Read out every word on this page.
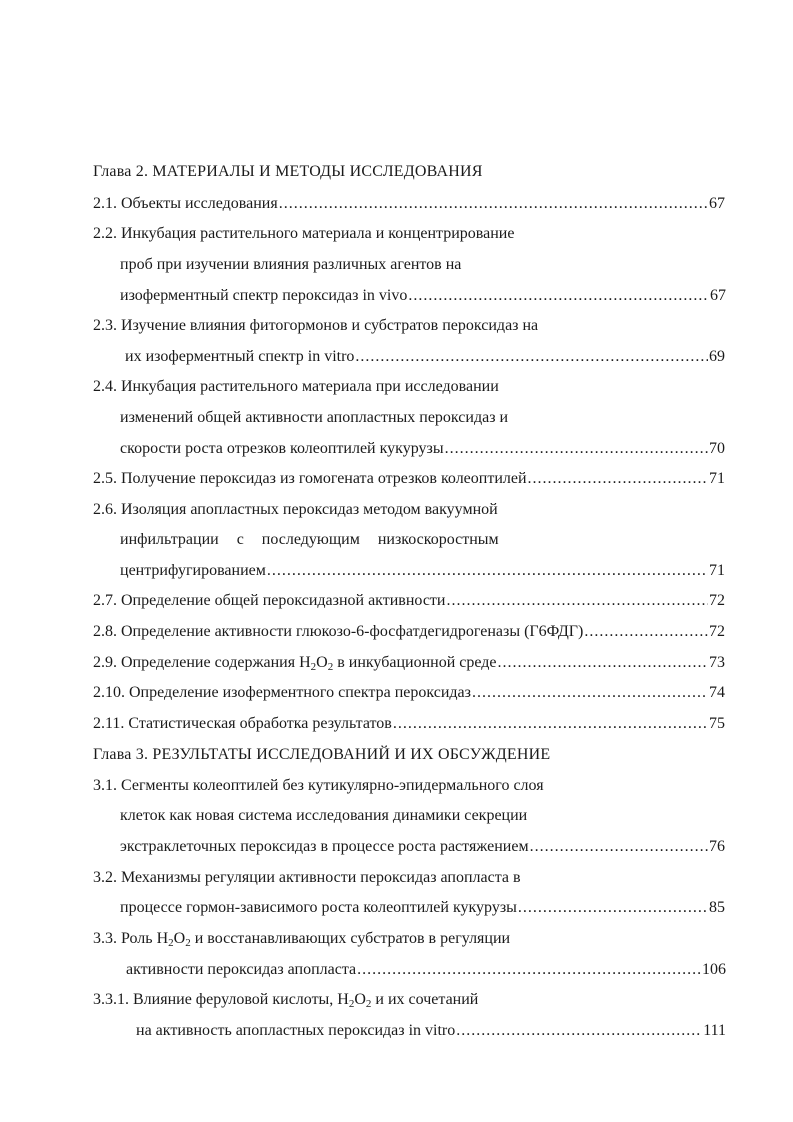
Глава 2. МАТЕРИАЛЫ И МЕТОДЫ ИССЛЕДОВАНИЯ
2.1. Объекты исследования .....	67
2.2. Инкубация растительного материала и концентрирование
проб при изучении влияния различных агентов на
изоферментный спектр пероксидаз in vivo .....	67
2.3. Изучение влияния фитогормонов и субстратов пероксидаз на
их изоферментный спектр in vitro .....	69
2.4. Инкубация растительного материала при исследовании
изменений общей активности апопластных пероксидаз и
скорости роста отрезков колеоптилей кукурузы .....	70
2.5. Получение пероксидаз из гомогената отрезков колеоптилей .....	71
2.6. Изоляция апопластных пероксидаз методом вакуумной
инфильтрации с последующим низкоскоростным
центрифугированием .....	71
2.7. Определение общей пероксидазной активности .....	72
2.8. Определение активности глюкозо-6-фосфатдегидрогеназы (Г6ФДГ) .....	72
2.9. Определение содержания $H_2O_2$ в инкубационной среде .....	73
2.10. Определение изоферментного спектра пероксидаз .....	74
2.11. Статистическая обработка результатов .....	75
Глава 3. РЕЗУЛЬТАТЫ ИССЛЕДОВАНИЙ И ИХ ОБСУЖДЕНИЕ
3.1. Сегменты колеоптилей без кутикулярно-эпидермального слоя
клеток как новая система исследования динамики секреции
экстраклеточных пероксидаз в процессе роста растяжением .....	76
3.2. Механизмы регуляции активности пероксидаз апопласта в
процессе гормон-зависимого роста колеоптилей кукурузы .....	85
3.3. Роль $H_2O_2$ и восстанавливающих субстратов в регуляции
активности пероксидаз апопласта .....	106
3.3.1. Влияние феруловой кислоты, $H_2O_2$ и их сочетаний
на активность апопластных пероксидаз in vitro .....	111
